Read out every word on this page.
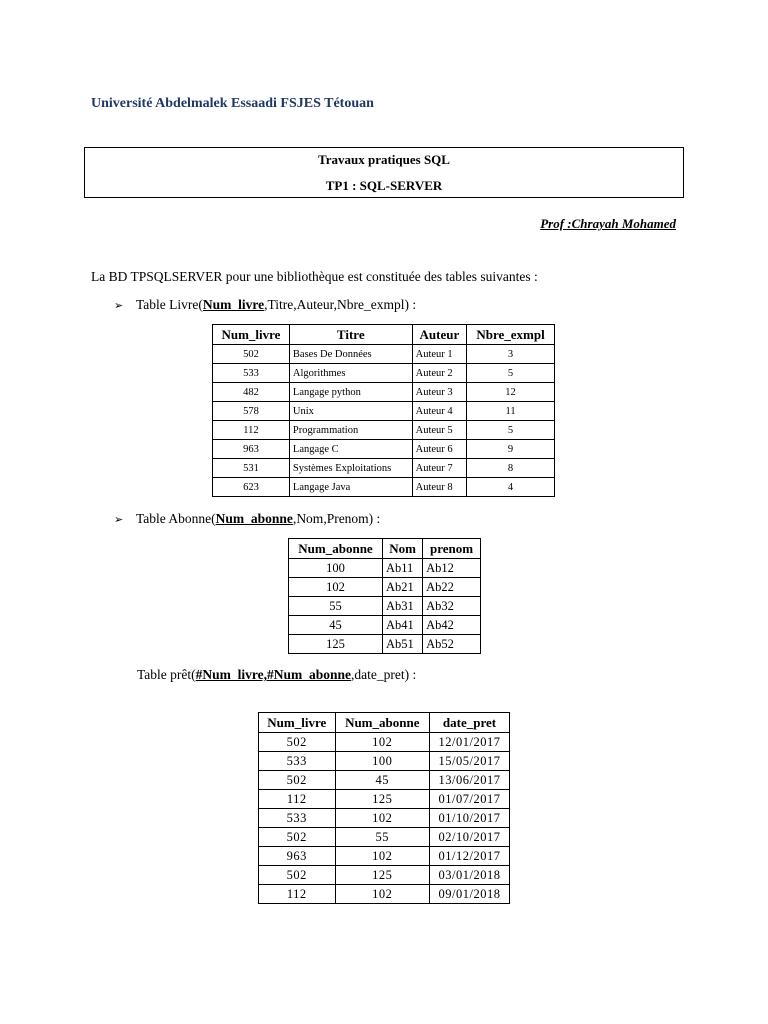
Université Abdelmalek Essaadi FSJES Tétouan
Travaux pratiques SQL
TP1 : SQL-SERVER
Prof :Chrayah Mohamed
La BD TPSQLSERVER pour une bibliothèque est constituée des tables suivantes :
➢ Table Livre(Num_livre,Titre,Auteur,Nbre_exmpl) :
Num_livre	Titre	Auteur	Nbre_exmpl
502	Bases De Données	Auteur 1	3
533	Algorithmes	Auteur 2	5
482	Langage python	Auteur 3	12
578	Unix	Auteur 4	11
112	Programmation	Auteur 5	5
963	Langage C	Auteur 6	9
531	Systèmes Exploitations	Auteur 7	8
623	Langage Java	Auteur 8	4
➢ Table Abonne(Num_abonne,Nom,Prenom) :
Num_abonne	Nom	prenom
100	Ab11	Ab12
102	Ab21	Ab22
55	Ab31	Ab32
45	Ab41	Ab42
125	Ab51	Ab52
Table prêt(#Num_livre,#Num_abonne,date_pret) :
Num_livre	Num_abonne	date_pret
502	102	12/01/2017
533	100	15/05/2017
502	45	13/06/2017
112	125	01/07/2017
533	102	01/10/2017
502	55	02/10/2017
963	102	01/12/2017
502	125	03/01/2018
112	102	09/01/2018
